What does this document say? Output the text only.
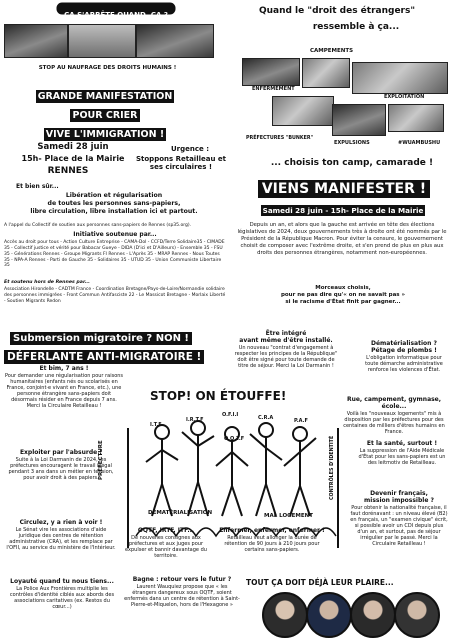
ÇA S'ARRÊTE QUAND, ÇA ?
STOP AU NAUFRAGE DES DROITS HUMAINS !
Quand le "droit des étrangers"
ressemble à ça...
CAMPEMENTS
ENFERMEMENT
EXPLOITATION
PRÉFECTURES "BUNKER"
EXPULSIONS	#WUAMBUSHU
... choisis ton camp, camarade !
GRANDE MANIFESTATION
POUR CRIER
VIVE L'IMMIGRATION !
Samedi 28 juin
15h- Place de la Mairie
RENNES
Urgence :
Stoppons Retailleau et ses circulaires !
Et bien sûr...
Libération et régularisation
de toutes les personnes sans-papiers,
libre circulation, libre installation ici et partout.
A l'appel du Collectif de soutien aux personnes sans-papiers de Rennes (sp35.org).
Initiative soutenue par...
Accès au droit pour tous - Action Culture Entreprise - CAMA-Dol - CCFD/Terre Solidaire35 - CIMADE 35 - Collectif justice et vérité pour Babacar Gueye - DIDA (D'ici et D'Ailleurs) - Ensemble 35 - FSU 35 - Générations Rennes - Groupe Migrants FI Rennes - L'Après 35 - MRAP Rennes - Nous Toutes 35 - NPA-A Rennes - Parti de Gauche 35 - Solidaires 35 - UTUD 35 - Union Communiste Libertaire 35
Et soutenu hors de Rennes par...
Association Hirondelle - CADTM France - Coordination Bretagne/Pays-de-Loire/Normandie solidaire des personnes immigrées - Front Commun Antifasciste 22 - Le Massicot Bretagne - Morlaix Liberté - Soutien Migrants Redon
VIENS MANIFESTER !
Samedi 28 juin - 15h- Place de la Mairie
Depuis un an, et alors que la gauche est arrivée en tête des élections législatives de 2024, deux gouvernements très à droite ont été nommés par le Président de la République Macron. Pour éviter la censure, le gouvernement choisit de composer avec l'extrême droite, et s'en prend de plus en plus aux droits des personnes étrangères, notamment non-européennes.
Morceaux choisis,
pour ne pas dire qu'« on ne savait pas »
si le racisme d'État finit par gagner...
Submersion migratoire ? NON !
DÉFERLANTE ANTI-MIGRATOIRE !
STOP! ON ÉTOUFFE!
I.T.F
I.R.T.F
O.F.I.I
O.Q.T.F
C.R.A	P.A.F
PRÉFECTURE	CONTRÔLES D'IDENTITÉ
DÉMATÉRIALISATION	MAL LOGEMENT
Être intégré
avant même d'être installé.
Un nouveau "contrat d'engagement à respecter les principes de la République" doit être signé pour toute demande de titre de séjour. Merci la Loi Darmanin !
Dématérialisation ?
Pétage de plombs !
L'obligation informatique pour toute démarche administrative renforce les violences d'État.
Et bim, 7 ans !
Pour demander une régularisation pour raisons humanitaires (enfants nés ou scolarisés en France, conjoint·e vivant en France, etc.), une personne étrangère sans-papiers doit désormais résider en France depuis 7 ans. Merci la Circulaire Retailleau !
Rue, campement, gymnase, école...
Voilà les "nouveaux logements" mis à disposition par les préfectures pour des centaines de milliers d'êtres humains en France.
Et la santé, surtout !
La suppression de l'Aide Médicale d'État pour les sans-papiers est un des leitmotiv de Retailleau.
Exploiter par l'absurde !
Suite à la Loi Darmanin de 2024, les préfectures encouragent le travail illégal pendant 3 ans dans un métier en tension, pour avoir droit à des papiers.
Devenir français,
mission impossible ?
Pour obtenir la nationalité française, il faut dorénavant : un niveau élevé (B2) en français, un "examen civique" écrit, si possible avoir un CDI depuis plus d'un an, et surtout, pas de séjour irrégulier par le passé. Merci la Circulaire Retailleau !
Circulez, y a rien à voir !
Le Sénat vire les associations d'aide juridique des centres de rétention administrative (CRA), et les remplace par l'OFII, au service du ministère de l'Intérieur.
OQTF, IRTF, ITF...
De nouvelles consignes aux préfectures et aux juges pour expulser et bannir davantage du territoire.
Enfermer, enfermer, enfermer !
Retailleau veut allonger la durée de rétention de 90 jours à 210 jours pour certains sans-papiers.
Loyauté quand tu nous tiens...
La Police Aux Frontières multiplie les contrôles d'identité ciblés aux abords des associations caritatives (ex. Restos du cœur...)
Bagne : retour vers le futur ?
Laurent Wauquiez propose que « les étrangers dangereux sous OQTF, soient enfermés dans un centre de rétention à Saint-Pierre-et-Miquelon, hors de l'Hexagone »
TOUT ÇA DOIT DÉJÀ LEUR PLAIRE...
